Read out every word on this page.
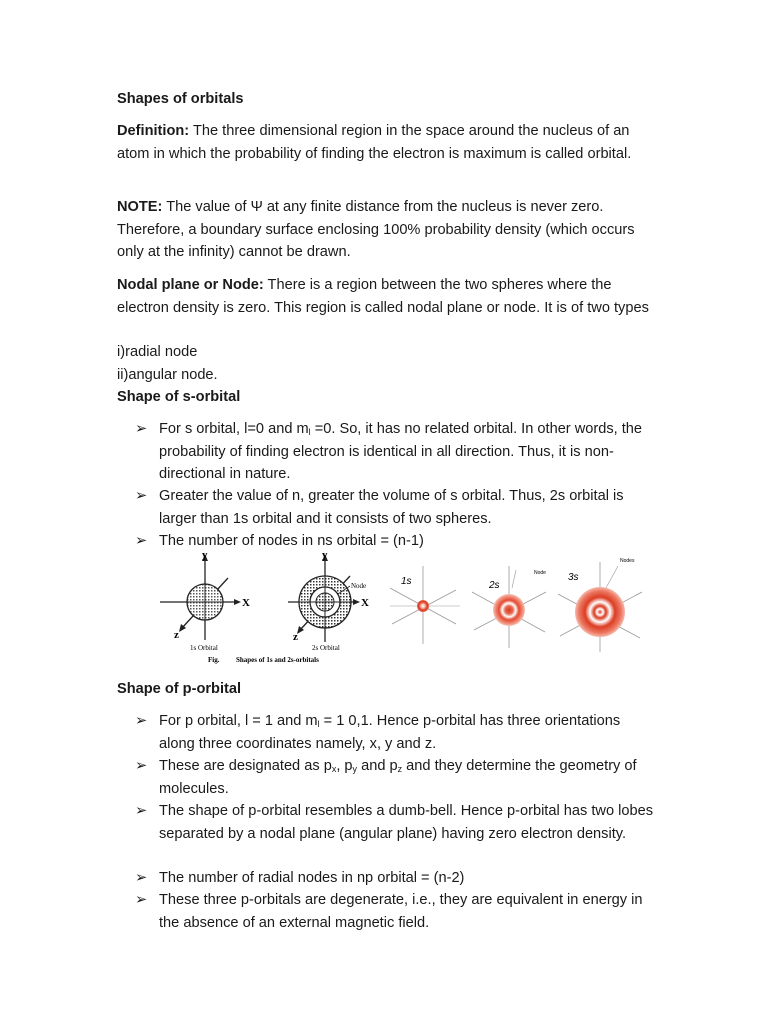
Shapes of orbitals

Definition: The three dimensional region in the space around the nucleus of an atom in which the probability of finding the electron is maximum is called orbital.

NOTE: The value of Ψ at any finite distance from the nucleus is never zero. Therefore, a boundary surface enclosing 100% probability density (which occurs only at the infinity) cannot be drawn.

Nodal plane or Node: There is a region between the two spheres where the electron density is zero. This region is called nodal plane or node. It is of two types

i)radial node

ii)angular node.

Shape of s-orbital
➢ For s orbital, l=0 and $m_l =0$. So, it has no related orbital. In other words, the probability of finding electron is identical in all direction. Thus, it is non-directional in nature.
➢ Greater the value of n, greater the volume of s orbital. Thus, 2s orbital is larger than 1s orbital and it consists of two spheres.
➢ The number of nodes in ns orbital = (n-1)
y
X
z
1s Orbital
y
X
z
Node
2s Orbital
Fig. Shapes of 1s and 2s-orbitals
1s	2s
Node 3s
Nodes
Shape of p-orbital
➢ For p orbital, l = 1 and $m_l = 1$ 0,1. Hence p-orbital has three orientations along three coordinates namely, x, y and z.
➢ These are designated as $p_x$, $p_y$ and $p_z$ and they determine the geometry of molecules.
➢ The shape of p-orbital resembles a dumb-bell. Hence p-orbital has two lobes separated by a nodal plane (angular plane) having zero electron density.
➢ The number of radial nodes in np orbital = (n-2)
➢ These three p-orbitals are degenerate, i.e., they are equivalent in energy in the absence of an external magnetic field.
